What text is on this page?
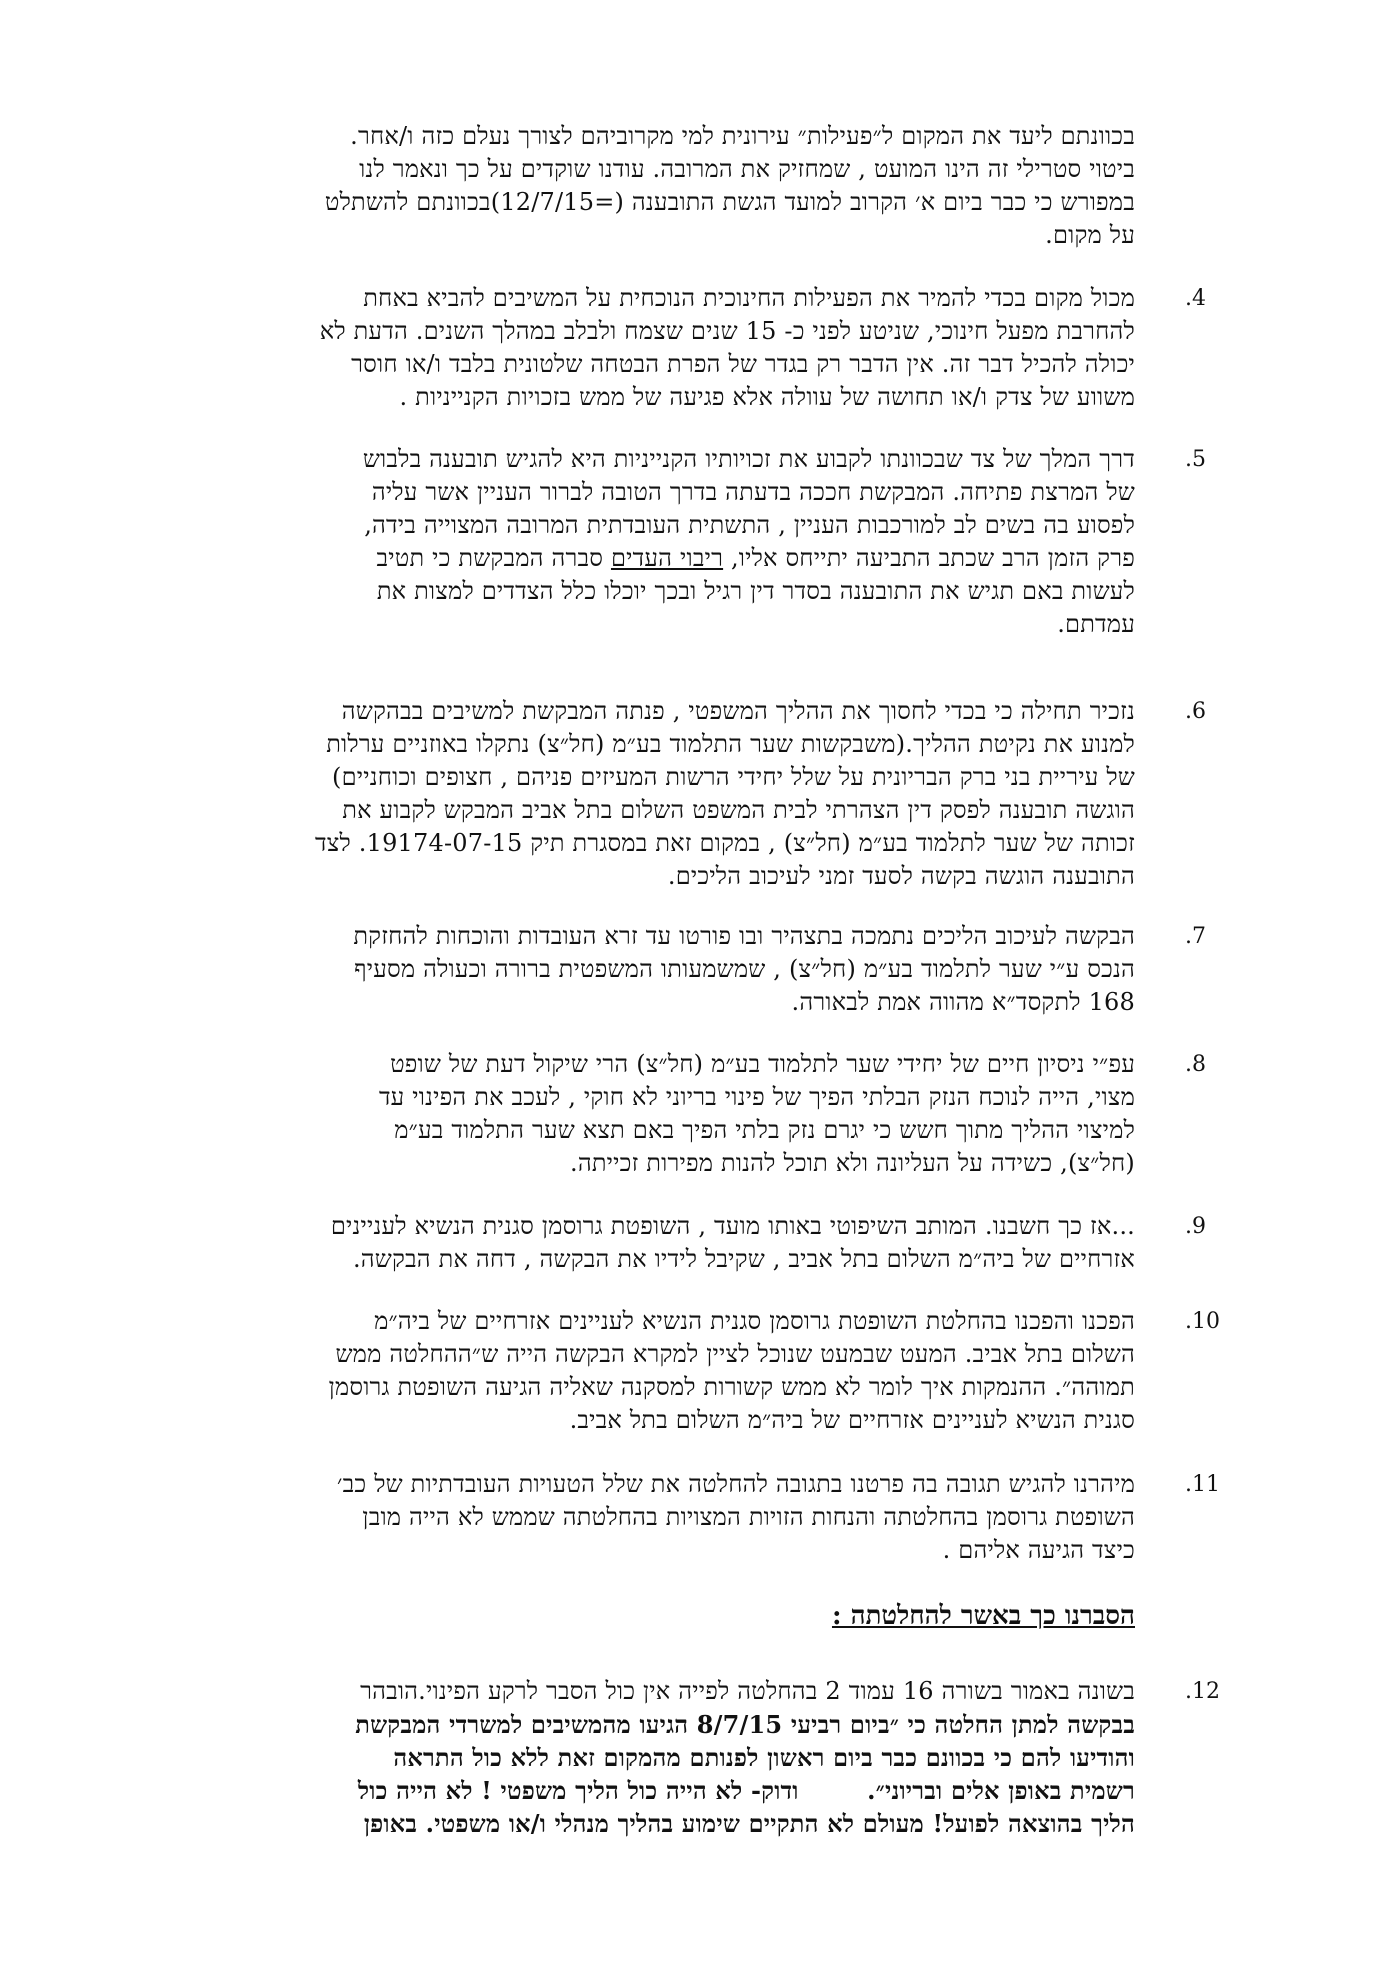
בכוונתם ליעד את המקום ל״פעילות״ עירונית למי מקרוביהם לצורך נעלם כזה ו/אחר.
ביטוי סטרילי זה הינו המועט , שמחזיק את המרובה. עודנו שוקדים על כך ונאמר לנו
במפורש כי כבר ביום א׳ הקרוב למועד הגשת התובענה (=12/7/15)בכוונתם להשתלט
על מקום.
.4
מכול מקום בכדי להמיר את הפעילות החינוכית הנוכחית על המשיבים להביא באחת
להחרבת מפעל חינוכי, שניטע לפני כ- 15 שנים שצמח ולבלב במהלך השנים. הדעת לא
יכולה להכיל דבר זה. אין הדבר רק בגדר של הפרת הבטחה שלטונית בלבד ו/או חוסר
משווע של צדק ו/או תחושה של עוולה אלא פגיעה של ממש בזכויות הקנייניות .
.5
דרך המלך של צד שבכוונתו לקבוע את זכויותיו הקנייניות היא להגיש תובענה בלבוש
של המרצת פתיחה. המבקשת חככה בדעתה בדרך הטובה לברור העניין אשר עליה
לפסוע בה בשים לב למורכבות העניין , התשתית העובדתית המרובה המצוייה בידה,
פרק הזמן הרב שכתב התביעה יתייחס אליו, ריבוי העדים סברה המבקשת כי תטיב
לעשות באם תגיש את התובענה בסדר דין רגיל ובכך יוכלו כלל הצדדים למצות את
עמדתם.
.6
נזכיר תחילה כי בכדי לחסוך את ההליך המשפטי , פנתה המבקשת למשיבים בבהקשה
למנוע את נקיטת ההליך.(משבקשות שער התלמוד בע״מ (חל״צ) נתקלו באוזניים ערלות
של עיריית בני ברק הבריונית על שלל יחידי הרשות המעיזים פניהם , חצופים וכוחניים)
הוגשה תובענה לפסק דין הצהרתי לבית המשפט השלום בתל אביב המבקש לקבוע את
זכותה של שער לתלמוד בע״מ (חל״צ) , במקום זאת במסגרת תיק 19174-07-15. לצד
התובענה הוגשה בקשה לסעד זמני לעיכוב הליכים.
.7
הבקשה לעיכוב הליכים נתמכה בתצהיר ובו פורטו עד זרא העובדות והוכחות להחזקת
הנכס ע״י שער לתלמוד בע״מ (חל״צ) , שמשמעותו המשפטית ברורה וכעולה מסעיף
168 לתקסד״א מהווה אמת לבאורה.
.8
עפ״י ניסיון חיים של יחידי שער לתלמוד בע״מ (חל״צ) הרי שיקול דעת של שופט
מצוי, הייה לנוכח הנזק הבלתי הפיך של פינוי בריוני לא חוקי , לעכב את הפינוי עד
למיצוי ההליך מתוך חשש כי יגרם נזק בלתי הפיך באם תצא שער התלמוד בע״מ
(חל״צ), כשידה על העליונה ולא תוכל להנות מפירות זכייתה.
.9
...אז כך חשבנו. המותב השיפוטי באותו מועד , השופטת גרוסמן סגנית הנשיא לעניינים
אזרחיים של ביה״מ השלום בתל אביב , שקיבל לידיו את הבקשה , דחה את הבקשה.
.10
הפכנו והפכנו בהחלטת השופטת גרוסמן סגנית הנשיא לעניינים אזרחיים של ביה״מ
השלום בתל אביב. המעט שבמעט שנוכל לציין למקרא הבקשה הייה ש״ההחלטה ממש
תמוהה״. ההנמקות איך לומר לא ממש קשורות למסקנה שאליה הגיעה השופטת גרוסמן
סגנית הנשיא לעניינים אזרחיים של ביה״מ השלום בתל אביב.
.11
מיהרנו להגיש תגובה בה פרטנו בתגובה להחלטה את שלל הטעויות העובדתיות של כב׳
השופטת גרוסמן בהחלטתה והנחות הזויות המצויות בהחלטתה שממש לא הייה מובן
כיצד הגיעה אליהם .
הסברנו כך באשר להחלטתה :
.12
בשונה באמור בשורה 16 עמוד 2 בהחלטה לפייה אין כול הסבר לרקע הפינוי.הובהר
בבקשה למתן החלטה כי ״ביום רביעי 8/7/15 הגיעו מהמשיבים למשרדי המבקשת
והודיעו להם כי בכוונם כבר ביום ראשון לפנותם מהמקום זאת ללא כול התראה
רשמית באופן אלים ובריוני״.        ודוק- לא הייה כול הליך משפטי ! לא הייה כול
הליך בהוצאה לפועל! מעולם לא התקיים שימוע בהליך מנהלי ו/או משפטי. באופן
